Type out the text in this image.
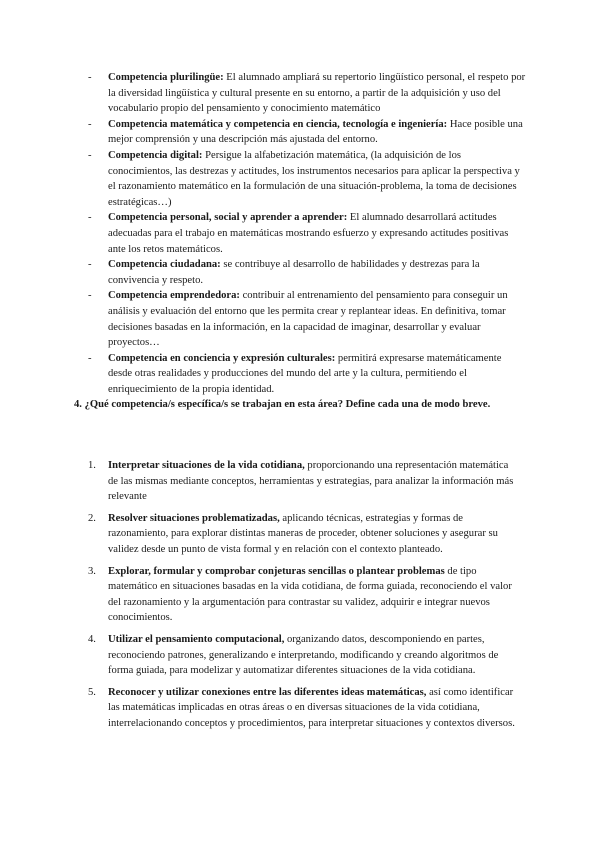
- Competencia plurilingüe: El alumnado ampliará su repertorio lingüístico personal, el respeto por la diversidad lingüística y cultural presente en su entorno, a partir de la adquisición y uso del vocabulario propio del pensamiento y conocimiento matemático
- Competencia matemática y competencia en ciencia, tecnología e ingeniería: Hace posible una mejor comprensión y una descripción más ajustada del entorno.
- Competencia digital: Persigue la alfabetización matemática, (la adquisición de los conocimientos, las destrezas y actitudes, los instrumentos necesarios para aplicar la perspectiva y el razonamiento matemático en la formulación de una situación-problema, la toma de decisiones estratégicas…)
- Competencia personal, social y aprender a aprender: El alumnado desarrollará actitudes adecuadas para el trabajo en matemáticas mostrando esfuerzo y expresando actitudes positivas ante los retos matemáticos.
- Competencia ciudadana: se contribuye al desarrollo de habilidades y destrezas para la convivencia y respeto.
- Competencia emprendedora: contribuir al entrenamiento del pensamiento para conseguir un análisis y evaluación del entorno que les permita crear y replantear ideas. En definitiva, tomar decisiones basadas en la información, en la capacidad de imaginar, desarrollar y evaluar proyectos…
- Competencia en conciencia y expresión culturales: permitirá expresarse matemáticamente desde otras realidades y producciones del mundo del arte y la cultura, permitiendo el enriquecimiento de la propia identidad.

4. ¿Qué competencia/s específica/s se trabajan en esta área? Define cada una de modo breve.

1. Interpretar situaciones de la vida cotidiana, proporcionando una representación matemática de las mismas mediante conceptos, herramientas y estrategias, para analizar la información más relevante
2. Resolver situaciones problematizadas, aplicando técnicas, estrategias y formas de razonamiento, para explorar distintas maneras de proceder, obtener soluciones y asegurar su validez desde un punto de vista formal y en relación con el contexto planteado.
3. Explorar, formular y comprobar conjeturas sencillas o plantear problemas de tipo matemático en situaciones basadas en la vida cotidiana, de forma guiada, reconociendo el valor del razonamiento y la argumentación para contrastar su validez, adquirir e integrar nuevos conocimientos.
4. Utilizar el pensamiento computacional, organizando datos, descomponiendo en partes, reconociendo patrones, generalizando e interpretando, modificando y creando algoritmos de forma guiada, para modelizar y automatizar diferentes situaciones de la vida cotidiana.
5. Reconocer y utilizar conexiones entre las diferentes ideas matemáticas, así como identificar las matemáticas implicadas en otras áreas o en diversas situaciones de la vida cotidiana, interrelacionando conceptos y procedimientos, para interpretar situaciones y contextos diversos.
